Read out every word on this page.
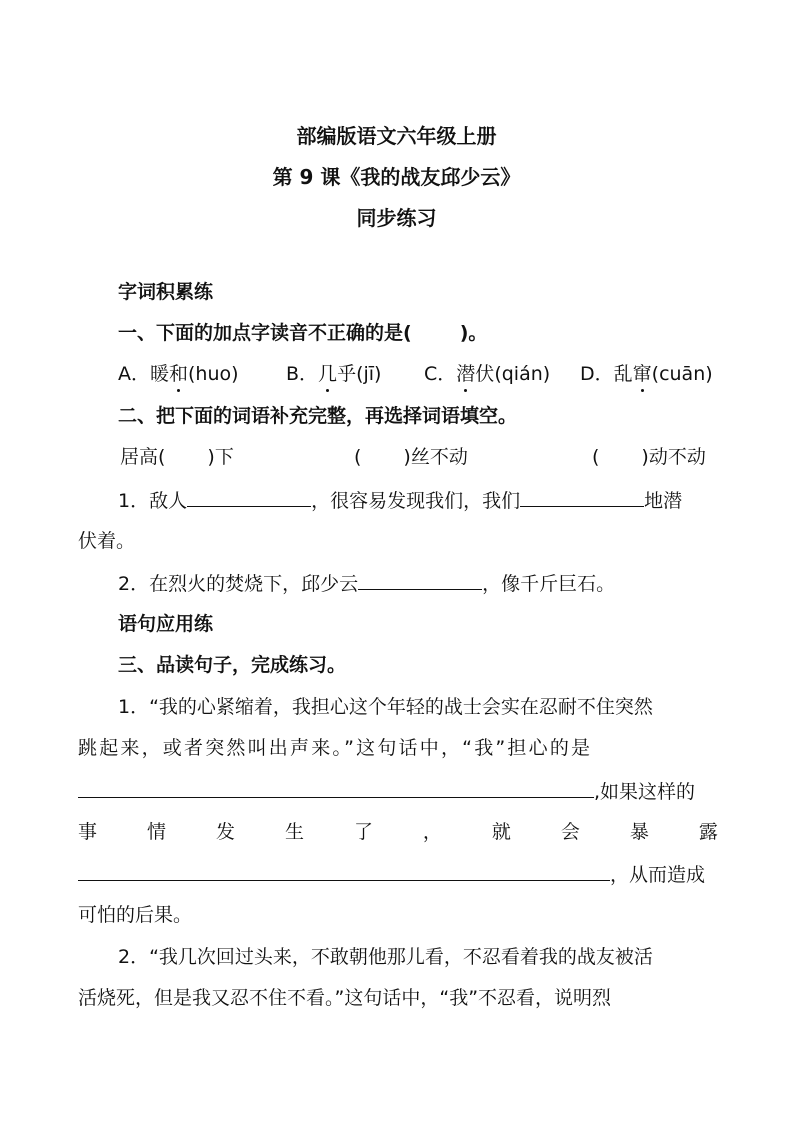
部编版语文六年级上册
第 9 课《我的战友邱少云》
同步练习
字词积累练
一、下面的加点字读音不正确的是(	)。
A．暖和(huo) B．几乎(jī) C．潜伏(qián) D．乱窜(cuān)
二、把下面的词语补充完整，再选择词语填空。
居高( )下	( )丝不动	( )动不动
1．敌人	，很容易发现我们，我们	地潜
伏着。
2．在烈火的焚烧下，邱少云	，像千斤巨石。
语句应用练
三、品读句子，完成练习。
1．“我的心紧缩着，我担心这个年轻的战士会实在忍耐不住突然
跳起来，或者突然叫出声来。”这句话中，“我”担心的是
,如果这样的
事	情	发	生	了	，	就	会	暴	露
，从而造成
可怕的后果。
2．“我几次回过头来，不敢朝他那儿看，不忍看着我的战友被活
活烧死，但是我又忍不住不看。”这句话中，“我”不忍看，说明烈
